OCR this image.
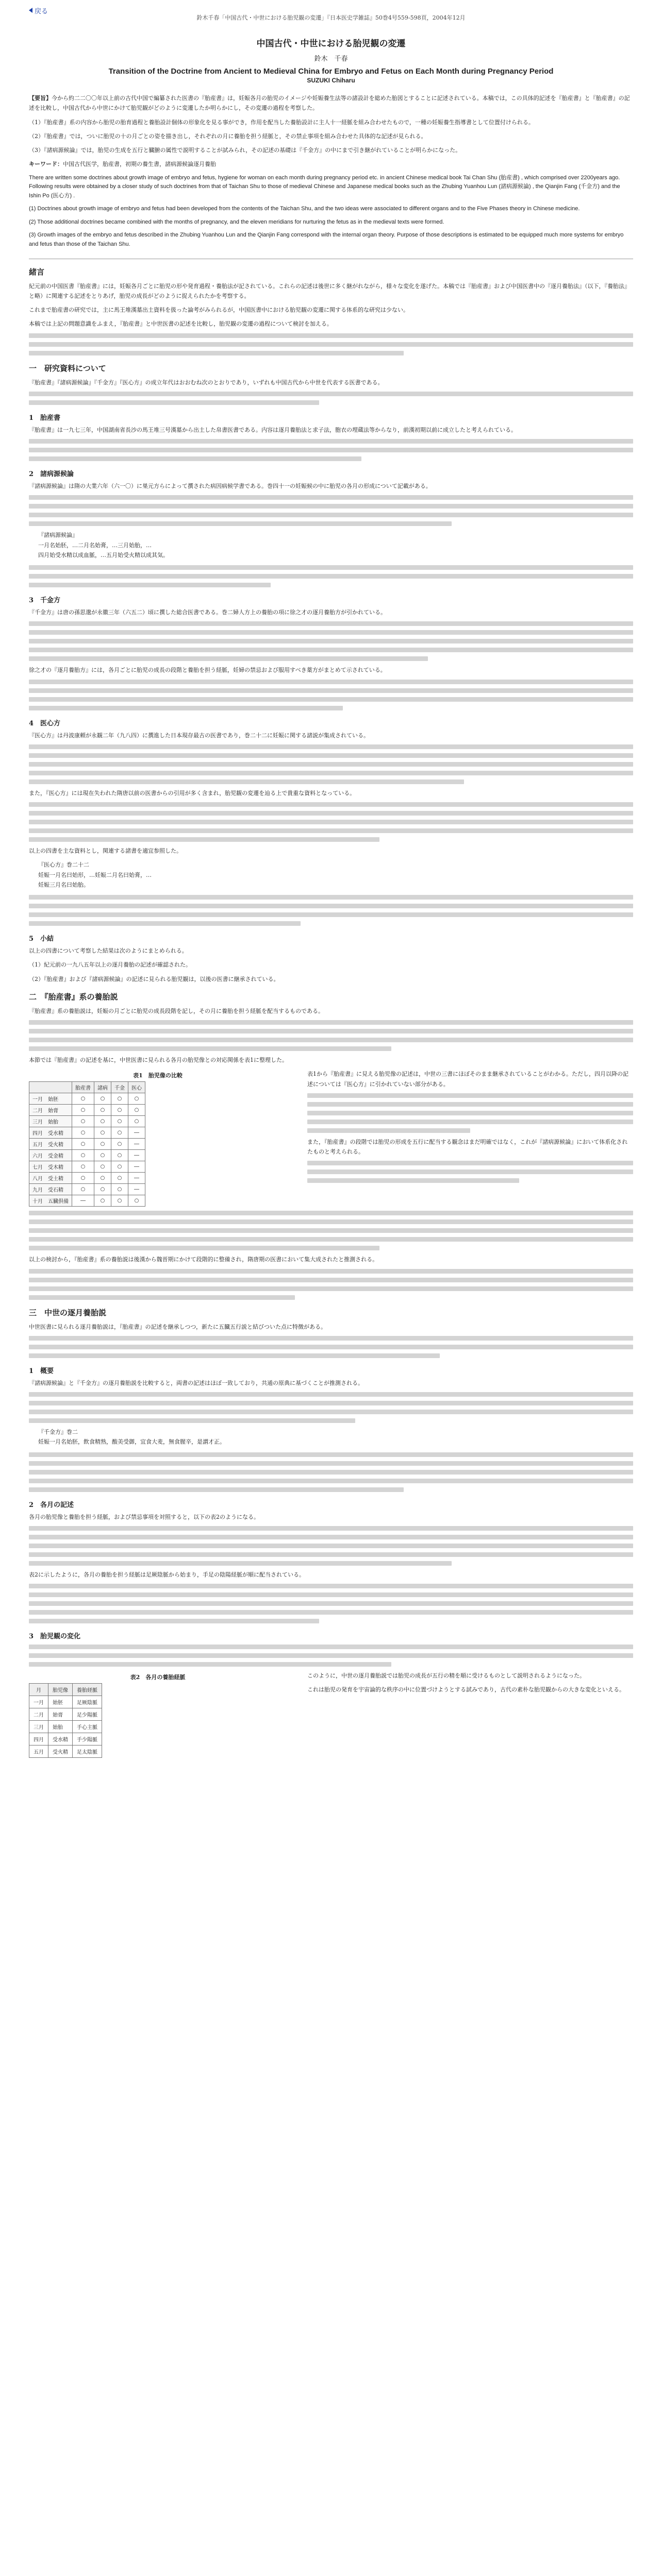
戻る
鈴木千春「中国古代・中世における胎児観の変遷」『日本医史学雑誌』50巻4号559-598頁，2004年12月
中国古代・中世における胎児観の変遷
鈴木　千春
Transition of the Doctrine from Ancient to Medieval China for Embryo and Fetus on Each Month during Pregnancy Period
SUZUKI Chiharu

【要旨】今から約二二〇〇年以上前の古代中国で編纂された医書の『胎産書』は，妊娠各月の胎児のイメージや妊娠養生法等の諸設計を総めた胎図とすることに記述されている。本稿では，この具体的記述を『胎産書』と『胎産書』の記述を比較し，中国古代から中世にかけて胎児観がどのように変遷したか明らかにし，その変遷の過程を考察した。

（1）『胎産書』系の内容から胎児の胎育過程と養胎設計個体の形象化を見る事ができ，作用を配当した養胎設計に主人十一経脈を組み合わせたもので，一種の妊娠養生指導書として位置付けられる。

（2）『胎産書』では，ついに胎児の十の月ごとの姿を描き出し，それぞれの月に養胎を担う経脈と，その禁止事項を組み合わせた具体的な記述が見られる。

（3）『諸病源候論』では，胎児の生成を五行と臓腑の属性で説明することが試みられ，その記述の基礎は『千金方』の中にまで引き継がれていることが明らかになった。

キーワード：中国古代医学，胎産書，初期の養生書，諸病源候論逐月養胎

There are written some doctrines about growth image of embryo and fetus, hygiene for woman on each month during pregnancy period etc. in ancient Chinese medical book Tai Chan Shu (胎産書) , which comprised over 2200years ago. Following results were obtained by a closer study of such doctrines from that of Taichan Shu to those of medieval Chinese and Japanese medical books such as the Zhubing Yuanhou Lun (諸病源候論) , the Qianjin Fang (千金方) and the Ishin Po (医心方) .

(1) Doctrines about growth image of embryo and fetus had been developed from the contents of the Taichan Shu, and the two ideas were associated to different organs and to the Five Phases theory in Chinese medicine.

(2) Those additional doctrines became combined with the months of pregnancy, and the eleven meridians for nurturing the fetus as in the medieval texts were formed.

(3) Growth images of the embryo and fetus described in the Zhubing Yuanhou Lun and the Qianjin Fang correspond with the internal organ theory. Purpose of those descriptions is estimated to be equipped much more systems for embryo and fetus than those of the Taichan Shu.

緒言

紀元前の中国医書『胎産書』には，妊娠各月ごとに胎児の形や発育過程・養胎法が記されている。これらの記述は後世に多く継がれながら，様々な変化を遂げた。本稿では『胎産書』および中国医書中の『逐月養胎法』（以下，『養胎法』と略）に関連する記述をとりあげ，胎児の成長がどのように捉えられたかを考察する。

これまで胎産書の研究では，主に馬王堆漢墓出土資料を扱った論考がみられるが，中国医書中における胎児観の変遷に関する体系的な研究は少ない。

本稿では上記の問題意識をふまえ，『胎産書』と中世医書の記述を比較し，胎児観の変遷の過程について検討を加える。

一　研究資料について

『胎産書』『諸病源候論』『千金方』『医心方』の成立年代はおおむね次のとおりであり，いずれも中国古代から中世を代表する医書である。

1　胎産書

『胎産書』は一九七三年，中国湖南省長沙の馬王堆三号漢墓から出土した帛書医書である。内容は逐月養胎法と求子法，胞衣の埋蔵法等からなり，前漢初期以前に成立したと考えられている。

2　諸病源候論

『諸病源候論』は隋の大業六年（六一〇）に巣元方らによって撰された病因病候学書である。巻四十一の妊娠候の中に胎児の各月の形成について記載がある。

『諸病源候論』
一月名始胚，…二月名始膏，…三月始胎，…
四月始受水精以成血脈，…五月始受火精以成其気。
3　千金方

『千金方』は唐の孫思邈が永徽三年（六五二）頃に撰した総合医書である。巻二婦人方上の養胎の項に徐之才の逐月養胎方が引かれている。

徐之才の『逐月養胎方』には，各月ごとに胎児の成長の段階と養胎を担う経脈，妊婦の禁忌および服用すべき薬方がまとめて示されている。

4　医心方

『医心方』は丹波康頼が永観二年（九八四）に撰進した日本現存最古の医書であり，巻二十二に妊娠に関する諸説が集成されている。

また，『医心方』には現在失われた隋唐以前の医書からの引用が多く含まれ，胎児観の変遷を辿る上で貴重な資料となっている。

以上の四書を主な資料とし，関連する諸書を適宜参照した。

『医心方』巻二十二
妊娠一月名曰始形，…妊娠二月名曰始膏，…
妊娠三月名曰始胎。
5　小結

以上の四書について考察した結果は次のようにまとめられる。

（1）紀元前の一九八五年以上の逐月養胎の記述が確認された。

（2）『胎産書』および『諸病源候論』の記述に見られる胎児観は，以後の医書に継承されている。

二　『胎産書』系の養胎説

『胎産書』系の養胎説は，妊娠の月ごとに胎児の成長段階を記し，その月に養胎を担う経脈を配当するものである。

本節では『胎産書』の記述を基に，中世医書に見られる各月の胎児像との対応関係を表1に整理した。

表1　胎児像の比較
	胎産書	諸病	千金	医心
一月　始胚	○	○	○	○
二月　始膏	○	○	○	○
三月　始胎	○	○	○	○
四月　受水精	○	○	○	―
五月　受火精	○	○	○	―
六月　受金精	○	○	○	―
七月　受木精	○	○	○	―
八月　受土精	○	○	○	―
九月　受石精	○	○	○	―
十月　五臓倶備	―	○	○	○

表1から『胎産書』に見える胎児像の記述は，中世の三書にほぼそのまま継承されていることがわかる。ただし，四月以降の記述については『医心方』に引かれていない部分がある。

また，『胎産書』の段階では胎児の形成を五行に配当する観念はまだ明確ではなく，これが『諸病源候論』において体系化されたものと考えられる。

以上の検討から，『胎産書』系の養胎説は後漢から魏晋期にかけて段階的に整備され，隋唐期の医書において集大成されたと推測される。

三　中世の逐月養胎説

中世医書に見られる逐月養胎説は，『胎産書』の記述を継承しつつ，新たに五臓五行説と結びついた点に特徴がある。

1　概要

『諸病源候論』と『千金方』の逐月養胎説を比較すると，両書の記述はほぼ一致しており，共通の原典に基づくことが推測される。

『千金方』巻二
妊娠一月名始胚，飲食精熟，酸美受御，宜食大麦，無食腥辛，是謂才正。
2　各月の記述

各月の胎児像と養胎を担う経脈，および禁忌事項を対照すると，以下の表2のようになる。

表2に示したように，各月の養胎を担う経脈は足厥陰脈から始まり，手足の陰陽経脈が順に配当されている。

3　胎児観の変化
表2　各月の養胎経脈
月	胎児像	養胎経脈
一月	始胚	足厥陰脈
二月	始膏	足少陽脈
三月	始胎	手心主脈
四月	受水精	手少陽脈
五月	受火精	足太陰脈

このように，中世の逐月養胎説では胎児の成長が五行の精を順に受けるものとして説明されるようになった。

これは胎児の発育を宇宙論的な秩序の中に位置づけようとする試みであり，古代の素朴な胎児観からの大きな変化といえる。
